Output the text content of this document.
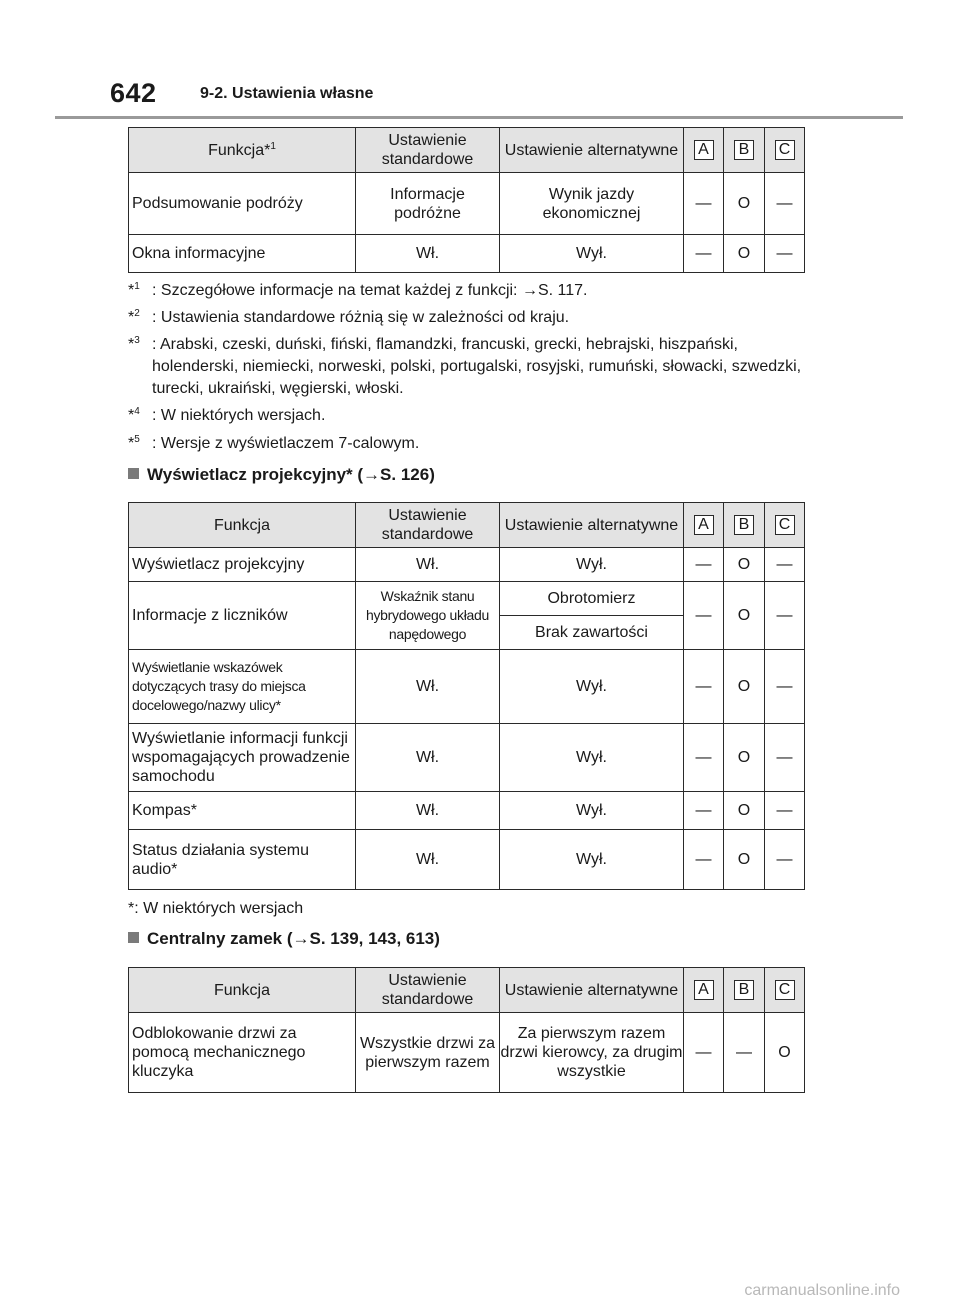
642	9-2. Ustawienia własne
Funkcja*$^1$	Ustawienie standardowe	Ustawienie alternatywne	A	B	C
Podsumowanie podróży	Informacje podróżne	Wynik jazdy ekonomicznej	—	O	—
Okna informacyjne	Wł.	Wył.	—	O	—
*$^1$ : Szczegółowe informacje na temat każdej z funkcji: →S. 117.
*$^2$ : Ustawienia standardowe różnią się w zależności od kraju.
*$^3$ : Arabski, czeski, duński, fiński, flamandzki, francuski, grecki, hebrajski, hiszpański, holenderski, niemiecki, norweski, polski, portugalski, rosyjski, rumuński, słowacki, szwedzki, turecki, ukraiński, węgierski, włoski.
*$^4$ : W niektórych wersjach.
*$^5$ : Wersje z wyświetlaczem 7-calowym.
Wyświetlacz projekcyjny* (→S. 126)
Funkcja	Ustawienie standardowe	Ustawienie alternatywne	A	B	C
Wyświetlacz projekcyjny	Wł.	Wył.	—	O	—
Informacje z liczników	Wskaźnik stanu hybrydowego układu napędowego	Obrotomierz	—	O	—
		Brak zawartości			
Wyświetlanie wskazówek dotyczących trasy do miejsca docelowego/nazwy ulicy*	Wł.	Wył.	—	O	—
Wyświetlanie informacji funkcji wspomagających prowadzenie samochodu	Wł.	Wył.	—	O	—
Kompas*	Wł.	Wył.	—	O	—
Status działania systemu audio*	Wł.	Wył.	—	O	—
*: W niektórych wersjach
Centralny zamek (→S. 139, 143, 613)
Funkcja	Ustawienie standardowe	Ustawienie alternatywne	A	B	C
Odblokowanie drzwi za pomocą mechanicznego kluczyka	Wszystkie drzwi za pierwszym razem	Za pierwszym razem drzwi kierowcy, za drugim wszystkie	—	—	O
carmanualsonline.info
